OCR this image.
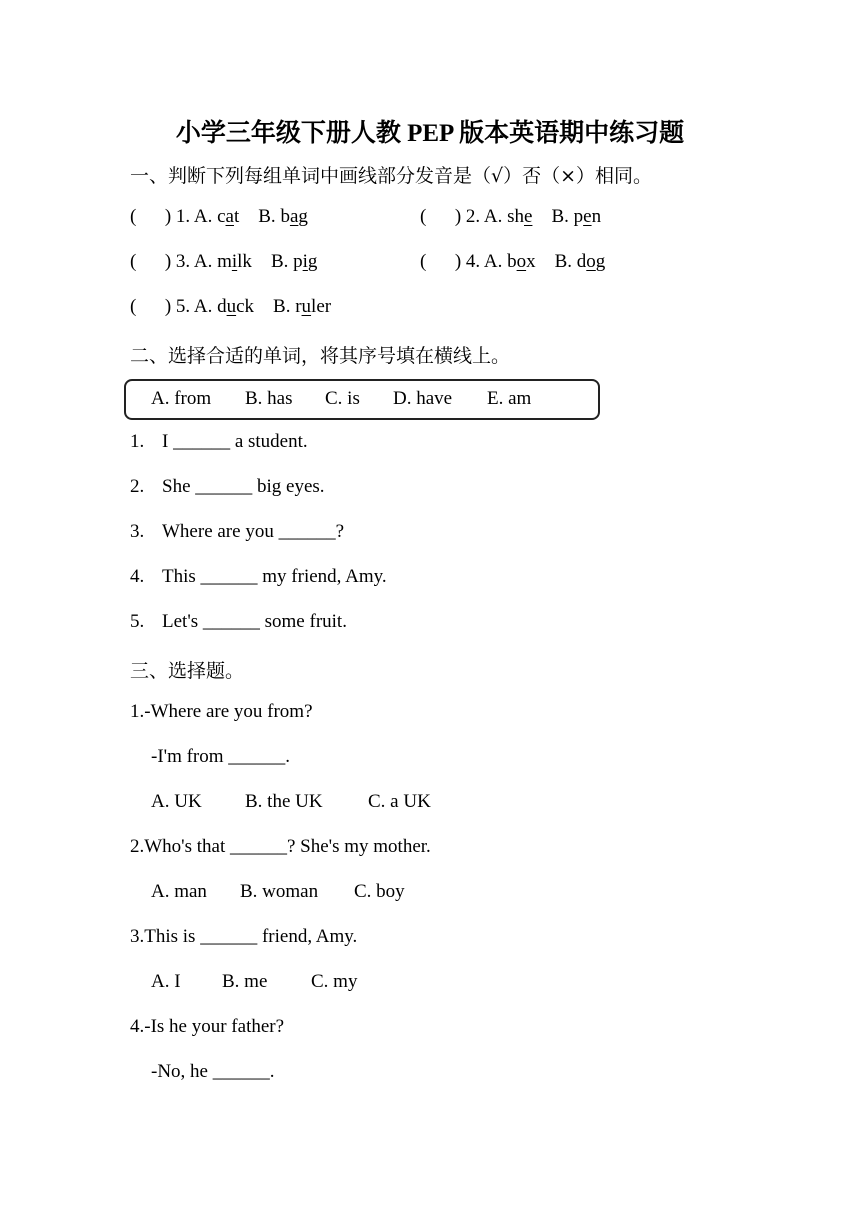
小学三年级下册人教 PEP 版本英语期中练习题
一、判断下列每组单词中画线部分发音是（√）否（×）相同。
(      ) 1. A. cat B. bag	(      ) 2. A. she B. pen
(      ) 3. A. milk B. pig	(      ) 4. A. box B. dog
(      ) 5. A. duck B. ruler
二、选择合适的单词，将其序号填在横线上。

A. from

B. has

C. is

D. have

E. am

1. I ______ a student.
2. She ______ big eyes.
3. Where are you ______?
4. This ______ my friend, Amy.
5. Let's ______ some fruit.
三、选择题。
1.-Where are you from?
-I'm from ______.
A. UK B. the UK C. a UK
2.Who's that ______? She's my mother.
A. man B. woman C. boy
3.This is ______ friend, Amy.
A. I B. me C. my
4.-Is he your father?
-No, he ______.
